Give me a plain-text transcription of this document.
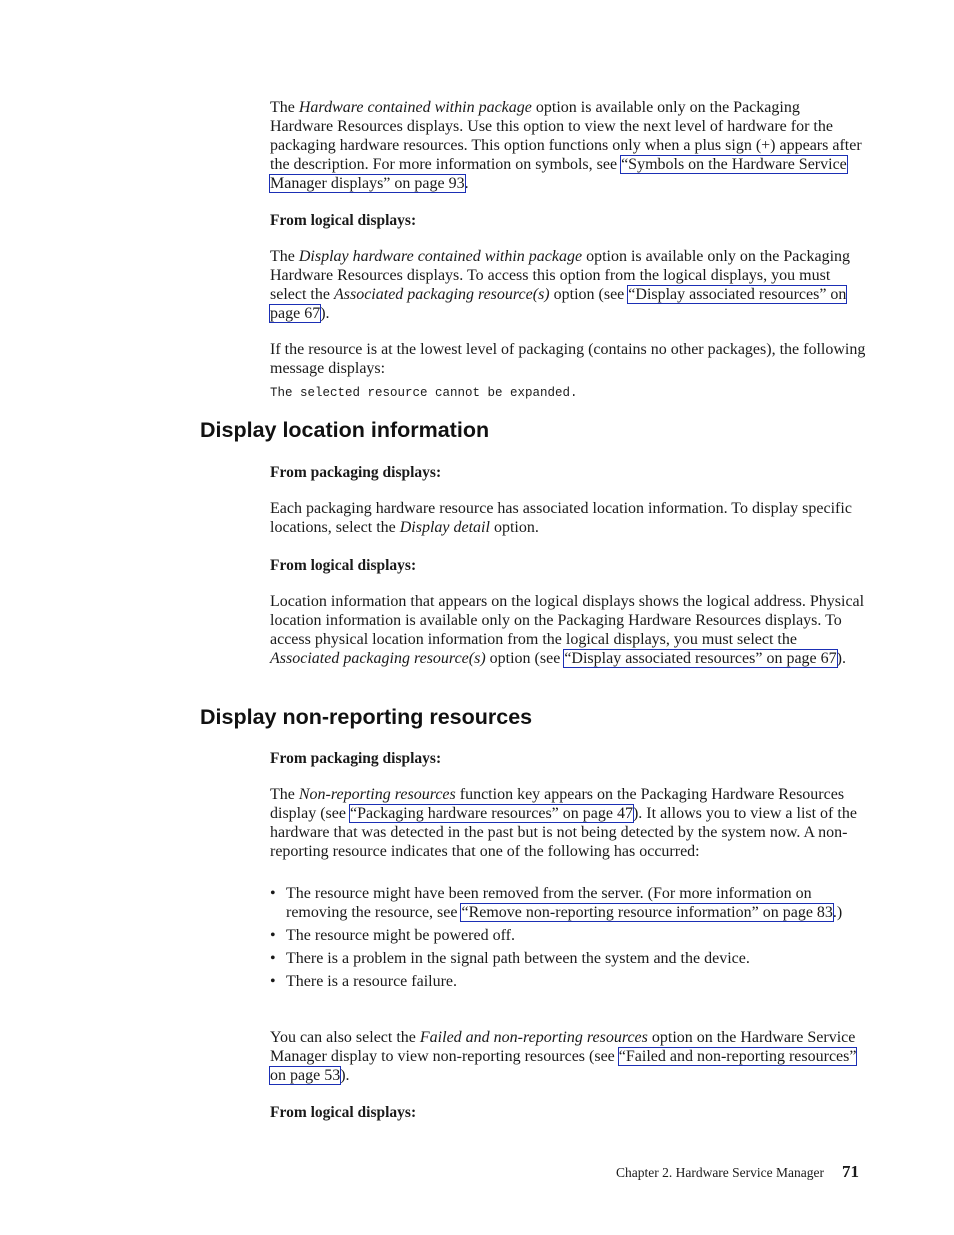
The Hardware contained within package option is available only on the Packaging Hardware Resources displays. Use this option to view the next level of hardware for the packaging hardware resources. This option functions only when a plus sign (+) appears after the description. For more information on symbols, see “Symbols on the Hardware Service Manager displays” on page 93.

From logical displays:

The Display hardware contained within package option is available only on the Packaging Hardware Resources displays. To access this option from the logical displays, you must select the Associated packaging resource(s) option (see “Display associated resources” on page 67).

If the resource is at the lowest level of packaging (contains no other packages), the following message displays:

The selected resource cannot be expanded.

Display location information

From packaging displays:

Each packaging hardware resource has associated location information. To display specific locations, select the Display detail option.

From logical displays:

Location information that appears on the logical displays shows the logical address. Physical location information is available only on the Packaging Hardware Resources displays. To access physical location information from the logical displays, you must select the Associated packaging resource(s) option (see “Display associated resources” on page 67).

Display non-reporting resources

From packaging displays:

The Non-reporting resources function key appears on the Packaging Hardware Resources display (see “Packaging hardware resources” on page 47). It allows you to view a list of the hardware that was detected in the past but is not being detected by the system now. A non-reporting resource indicates that one of the following has occurred:

• The resource might have been removed from the server. (For more information on removing the resource, see “Remove non-reporting resource information” on page 83.)
• The resource might be powered off.
• There is a problem in the signal path between the system and the device.
• There is a resource failure.

You can also select the Failed and non-reporting resources option on the Hardware Service Manager display to view non-reporting resources (see “Failed and non-reporting resources” on page 53).

From logical displays:

Chapter 2. Hardware Service Manager 71
